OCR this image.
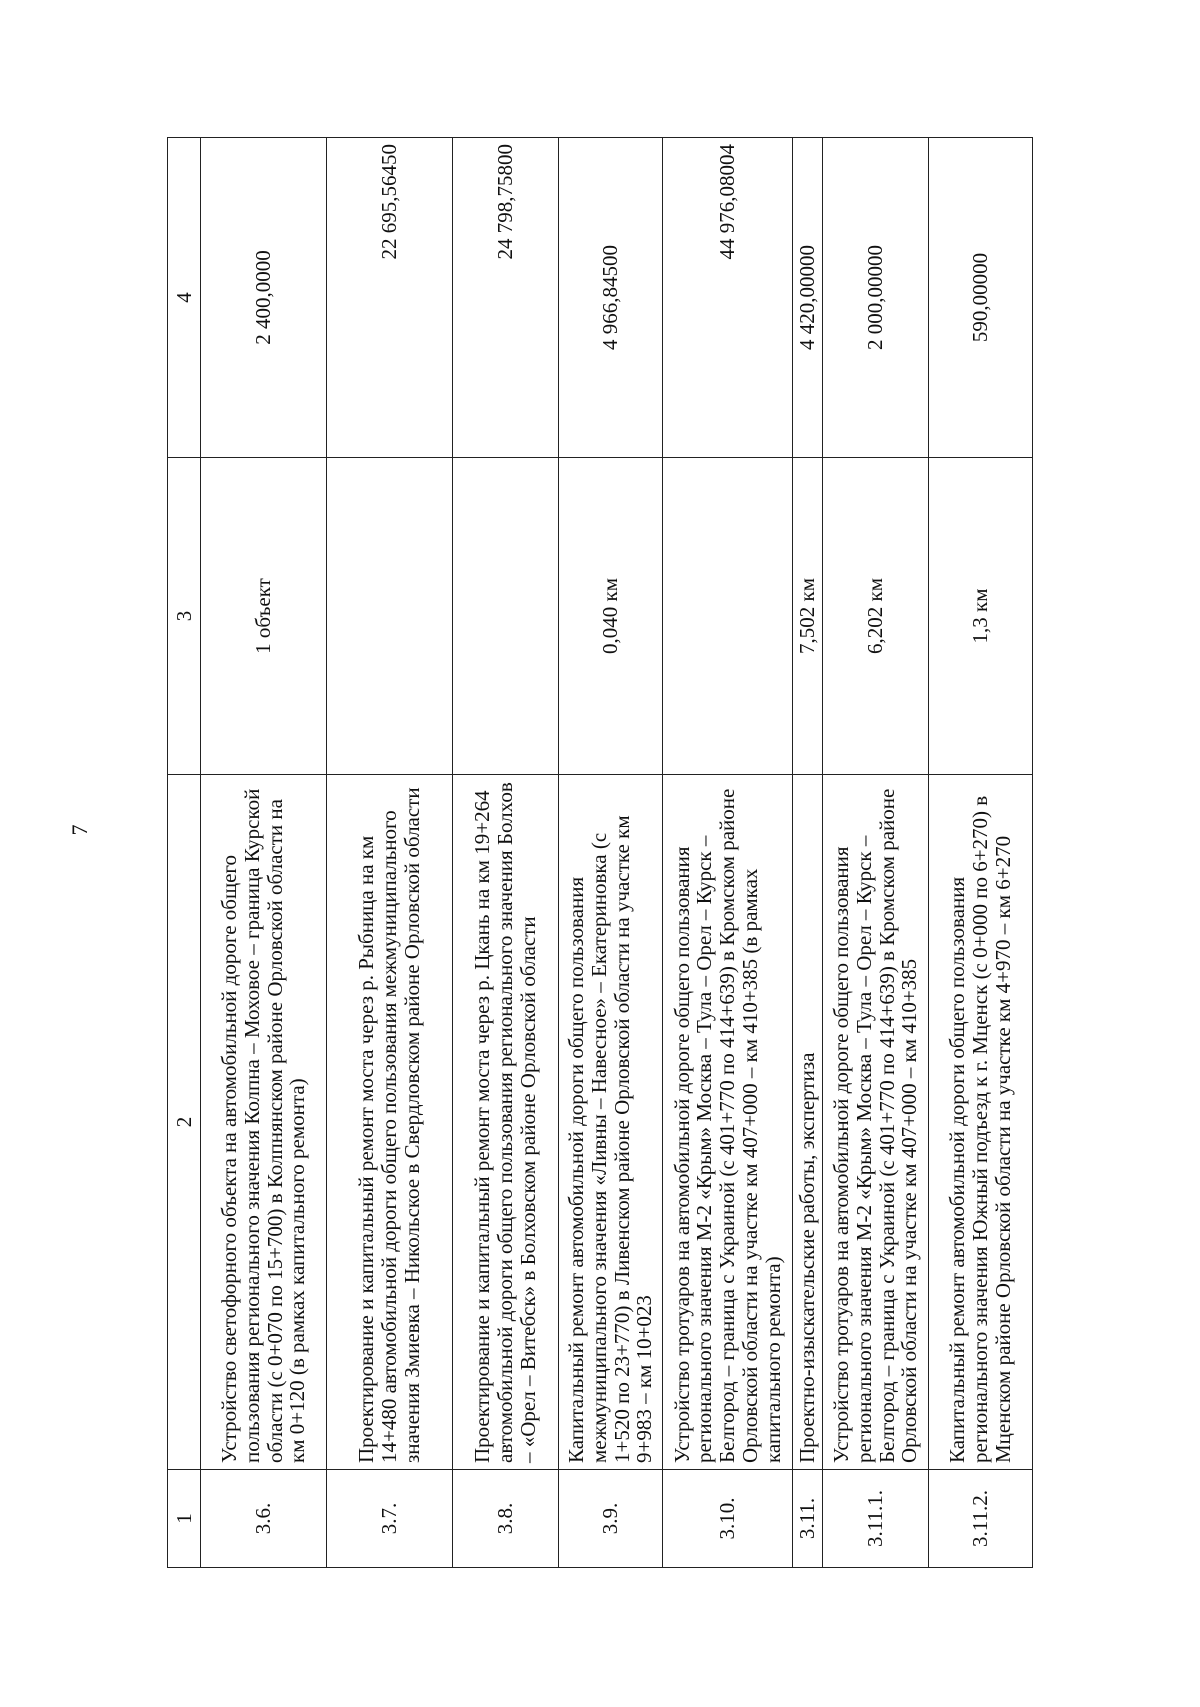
7
1	2	3	4
3.6.	Устройство светофорного объекта на автомобильной дороге общего пользования регионального значения Колпна – Моховое – граница Курской области (с 0+070 по 15+700) в Колпнянском районе Орловской области на км 0+120 (в рамках капитального ремонта)	1 объект	2 400,0000
3.7.	Проектирование и капитальный ремонт моста через р. Рыбница на км 14+480 автомобильной дороги общего пользования межмуниципального значения Змиевка – Никольское в Свердловском районе Орловской области		22 695,56450
3.8.	Проектирование и капитальный ремонт моста через р. Цкань на км 19+264 автомобильной дороги общего пользования регионального значения Болхов – «Орел – Витебск» в Болховском районе Орловской области		24 798,75800
3.9.	Капитальный ремонт автомобильной дороги общего пользования межмуниципального значения «Ливны – Навесное» – Екатериновка (с 1+520 по 23+770) в Ливенском районе Орловской области на участке км 9+983 – км 10+023	0,040 км	4 966,84500
3.10.	Устройство тротуаров на автомобильной дороге общего пользования регионального значения М-2 «Крым» Москва – Тула – Орел – Курск – Белгород – граница с Украиной (с 401+770 по 414+639) в Кромском районе Орловской области на участке км 407+000 – км 410+385 (в рамках капитального ремонта)		44 976,08004
3.11.	Проектно-изыскательские работы, экспертиза	7,502 км	4 420,00000
3.11.1.	Устройство тротуаров на автомобильной дороге общего пользования регионального значения М-2 «Крым» Москва – Тула – Орел – Курск – Белгород – граница с Украиной (с 401+770 по 414+639) в Кромском районе Орловской области на участке км 407+000 – км 410+385	6,202 км	2 000,00000
3.11.2.	Капитальный ремонт автомобильной дороги общего пользования регионального значения Южный подъезд к г. Мценск (с 0+000 по 6+270) в Мценском районе Орловской области на участке км 4+970 – км 6+270	1,3 км	590,00000
